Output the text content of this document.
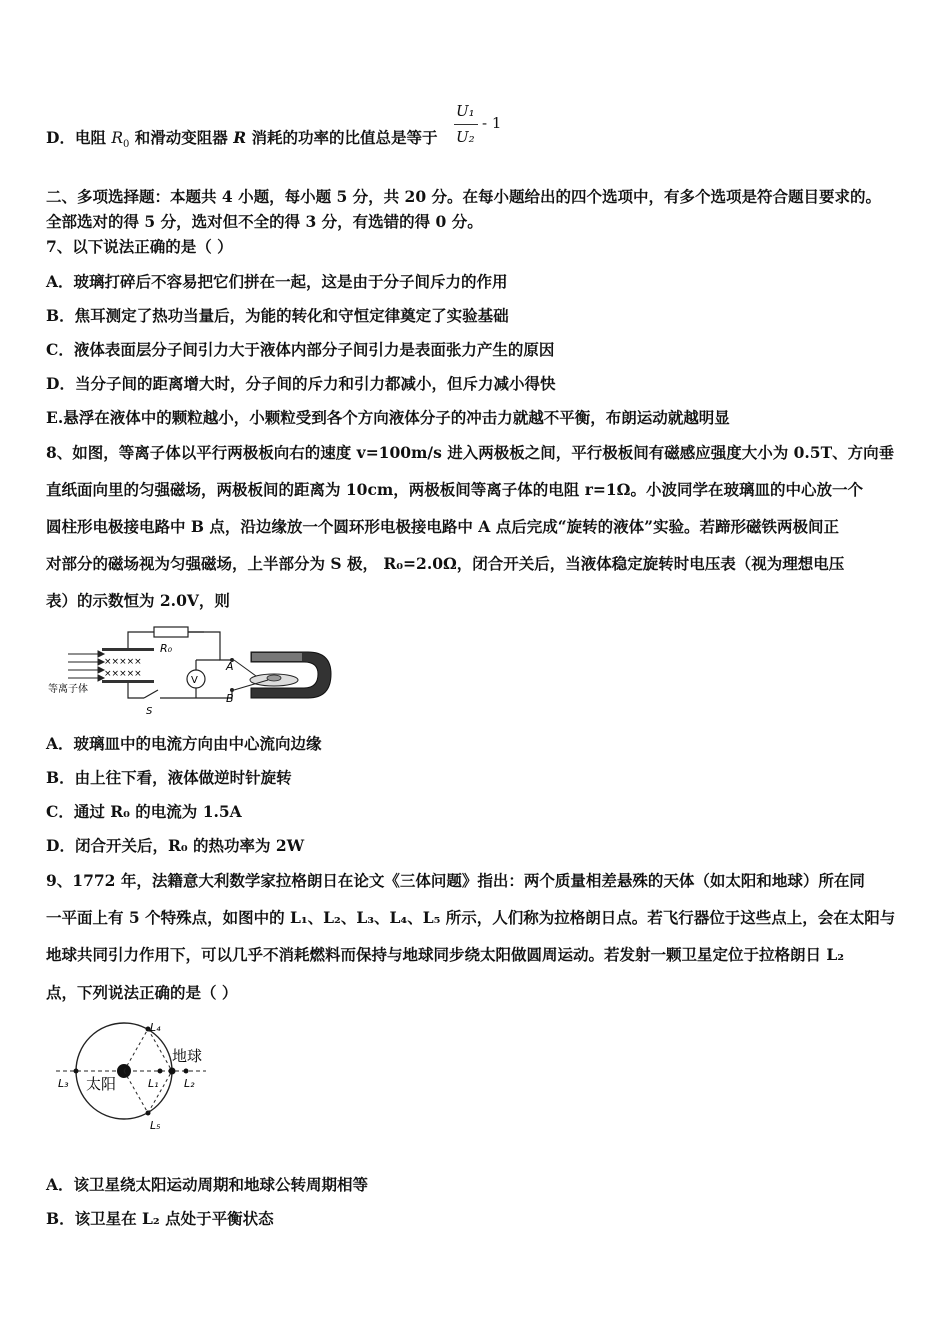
D．电阻 $R_0$ 和滑动变阻器 R 消耗的功率的比值总是等于
U₁
U₂
- 1
二、多项选择题：本题共 4 小题，每小题 5 分，共 20 分。在每小题给出的四个选项中，有多个选项是符合题目要求的。
全部选对的得 5 分，选对但不全的得 3 分，有选错的得 0 分。
7、以下说法正确的是（ ）
A．玻璃打碎后不容易把它们拼在一起，这是由于分子间斥力的作用
B．焦耳测定了热功当量后，为能的转化和守恒定律奠定了实验基础
C．液体表面层分子间引力大于液体内部分子间引力是表面张力产生的原因
D．当分子间的距离增大时，分子间的斥力和引力都减小，但斥力减小得快
E.悬浮在液体中的颗粒越小，小颗粒受到各个方向液体分子的冲击力就越不平衡，布朗运动就越明显
8、如图，等离子体以平行两极板向右的速度 v=100m/s 进入两极板之间，平行极板间有磁感应强度大小为 0.5T、方向垂
直纸面向里的匀强磁场，两极板间的距离为 10cm，两极板间等离子体的电阻 r=1Ω。小波同学在玻璃皿的中心放一个
圆柱形电极接电路中 B 点，沿边缘放一个圆环形电极接电路中 A 点后完成“旋转的液体”实验。若蹄形磁铁两极间正
对部分的磁场视为匀强磁场，上半部分为 S 极， R₀=2.0Ω，闭合开关后，当液体稳定旋转时电压表（视为理想电压
表）的示数恒为 2.0V，则
×××××
×××××
R₀
V
S
等离子体
A
B
A．玻璃皿中的电流方向由中心流向边缘
B．由上往下看，液体做逆时针旋转
C．通过 R₀ 的电流为 1.5A
D．闭合开关后，R₀ 的热功率为 2W
9、1772 年，法籍意大利数学家拉格朗日在论文《三体问题》指出：两个质量相差悬殊的天体（如太阳和地球）所在同
一平面上有 5 个特殊点，如图中的 L₁、L₂、L₃、L₄、L₅ 所示，人们称为拉格朗日点。若飞行器位于这些点上，会在太阳与
地球共同引力作用下，可以几乎不消耗燃料而保持与地球同步绕太阳做圆周运动。若发射一颗卫星定位于拉格朗日 L₂
点，下列说法正确的是（ ）
太阳
地球
L₄
L₅
L₁ L₂
L₃
A．该卫星绕太阳运动周期和地球公转周期相等
B．该卫星在 L₂ 点处于平衡状态
